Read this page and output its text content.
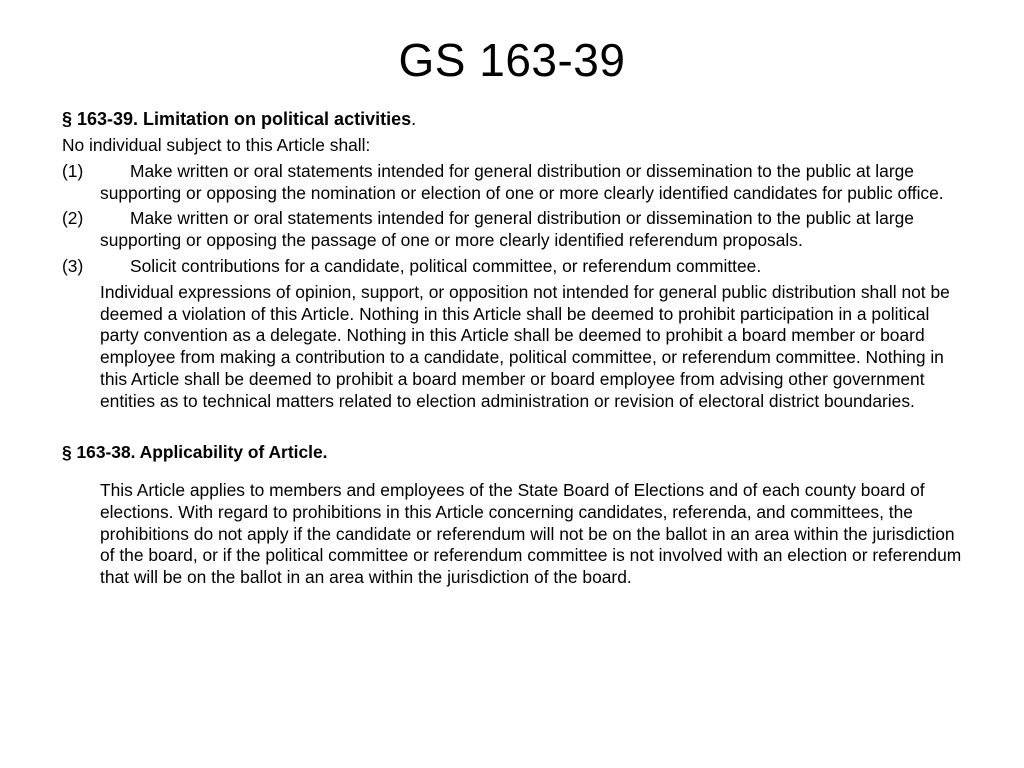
GS 163-39

§ 163-39. Limitation on political activities.

No individual subject to this Article shall:

(1)	Make written or oral statements intended for general distribution or dissemination to the public at large supporting or opposing the nomination or election of one or more clearly identified candidates for public office.
(2)	Make written or oral statements intended for general distribution or dissemination to the public at large supporting or opposing the passage of one or more clearly identified referendum proposals.
(3)	Solicit contributions for a candidate, political committee, or referendum committee.
Individual expressions of opinion, support, or opposition not intended for general public distribution shall not be deemed a violation of this Article. Nothing in this Article shall be deemed to prohibit participation in a political party convention as a delegate. Nothing in this Article shall be deemed to prohibit a board member or board employee from making a contribution to a candidate, political committee, or referendum committee. Nothing in this Article shall be deemed to prohibit a board member or board employee from advising other government entities as to technical matters related to election administration or revision of electoral district boundaries.

§ 163-38. Applicability of Article.

This Article applies to members and employees of the State Board of Elections and of each county board of elections. With regard to prohibitions in this Article concerning candidates, referenda, and committees, the prohibitions do not apply if the candidate or referendum will not be on the ballot in an area within the jurisdiction of the board, or if the political committee or referendum committee is not involved with an election or referendum that will be on the ballot in an area within the jurisdiction of the board.
